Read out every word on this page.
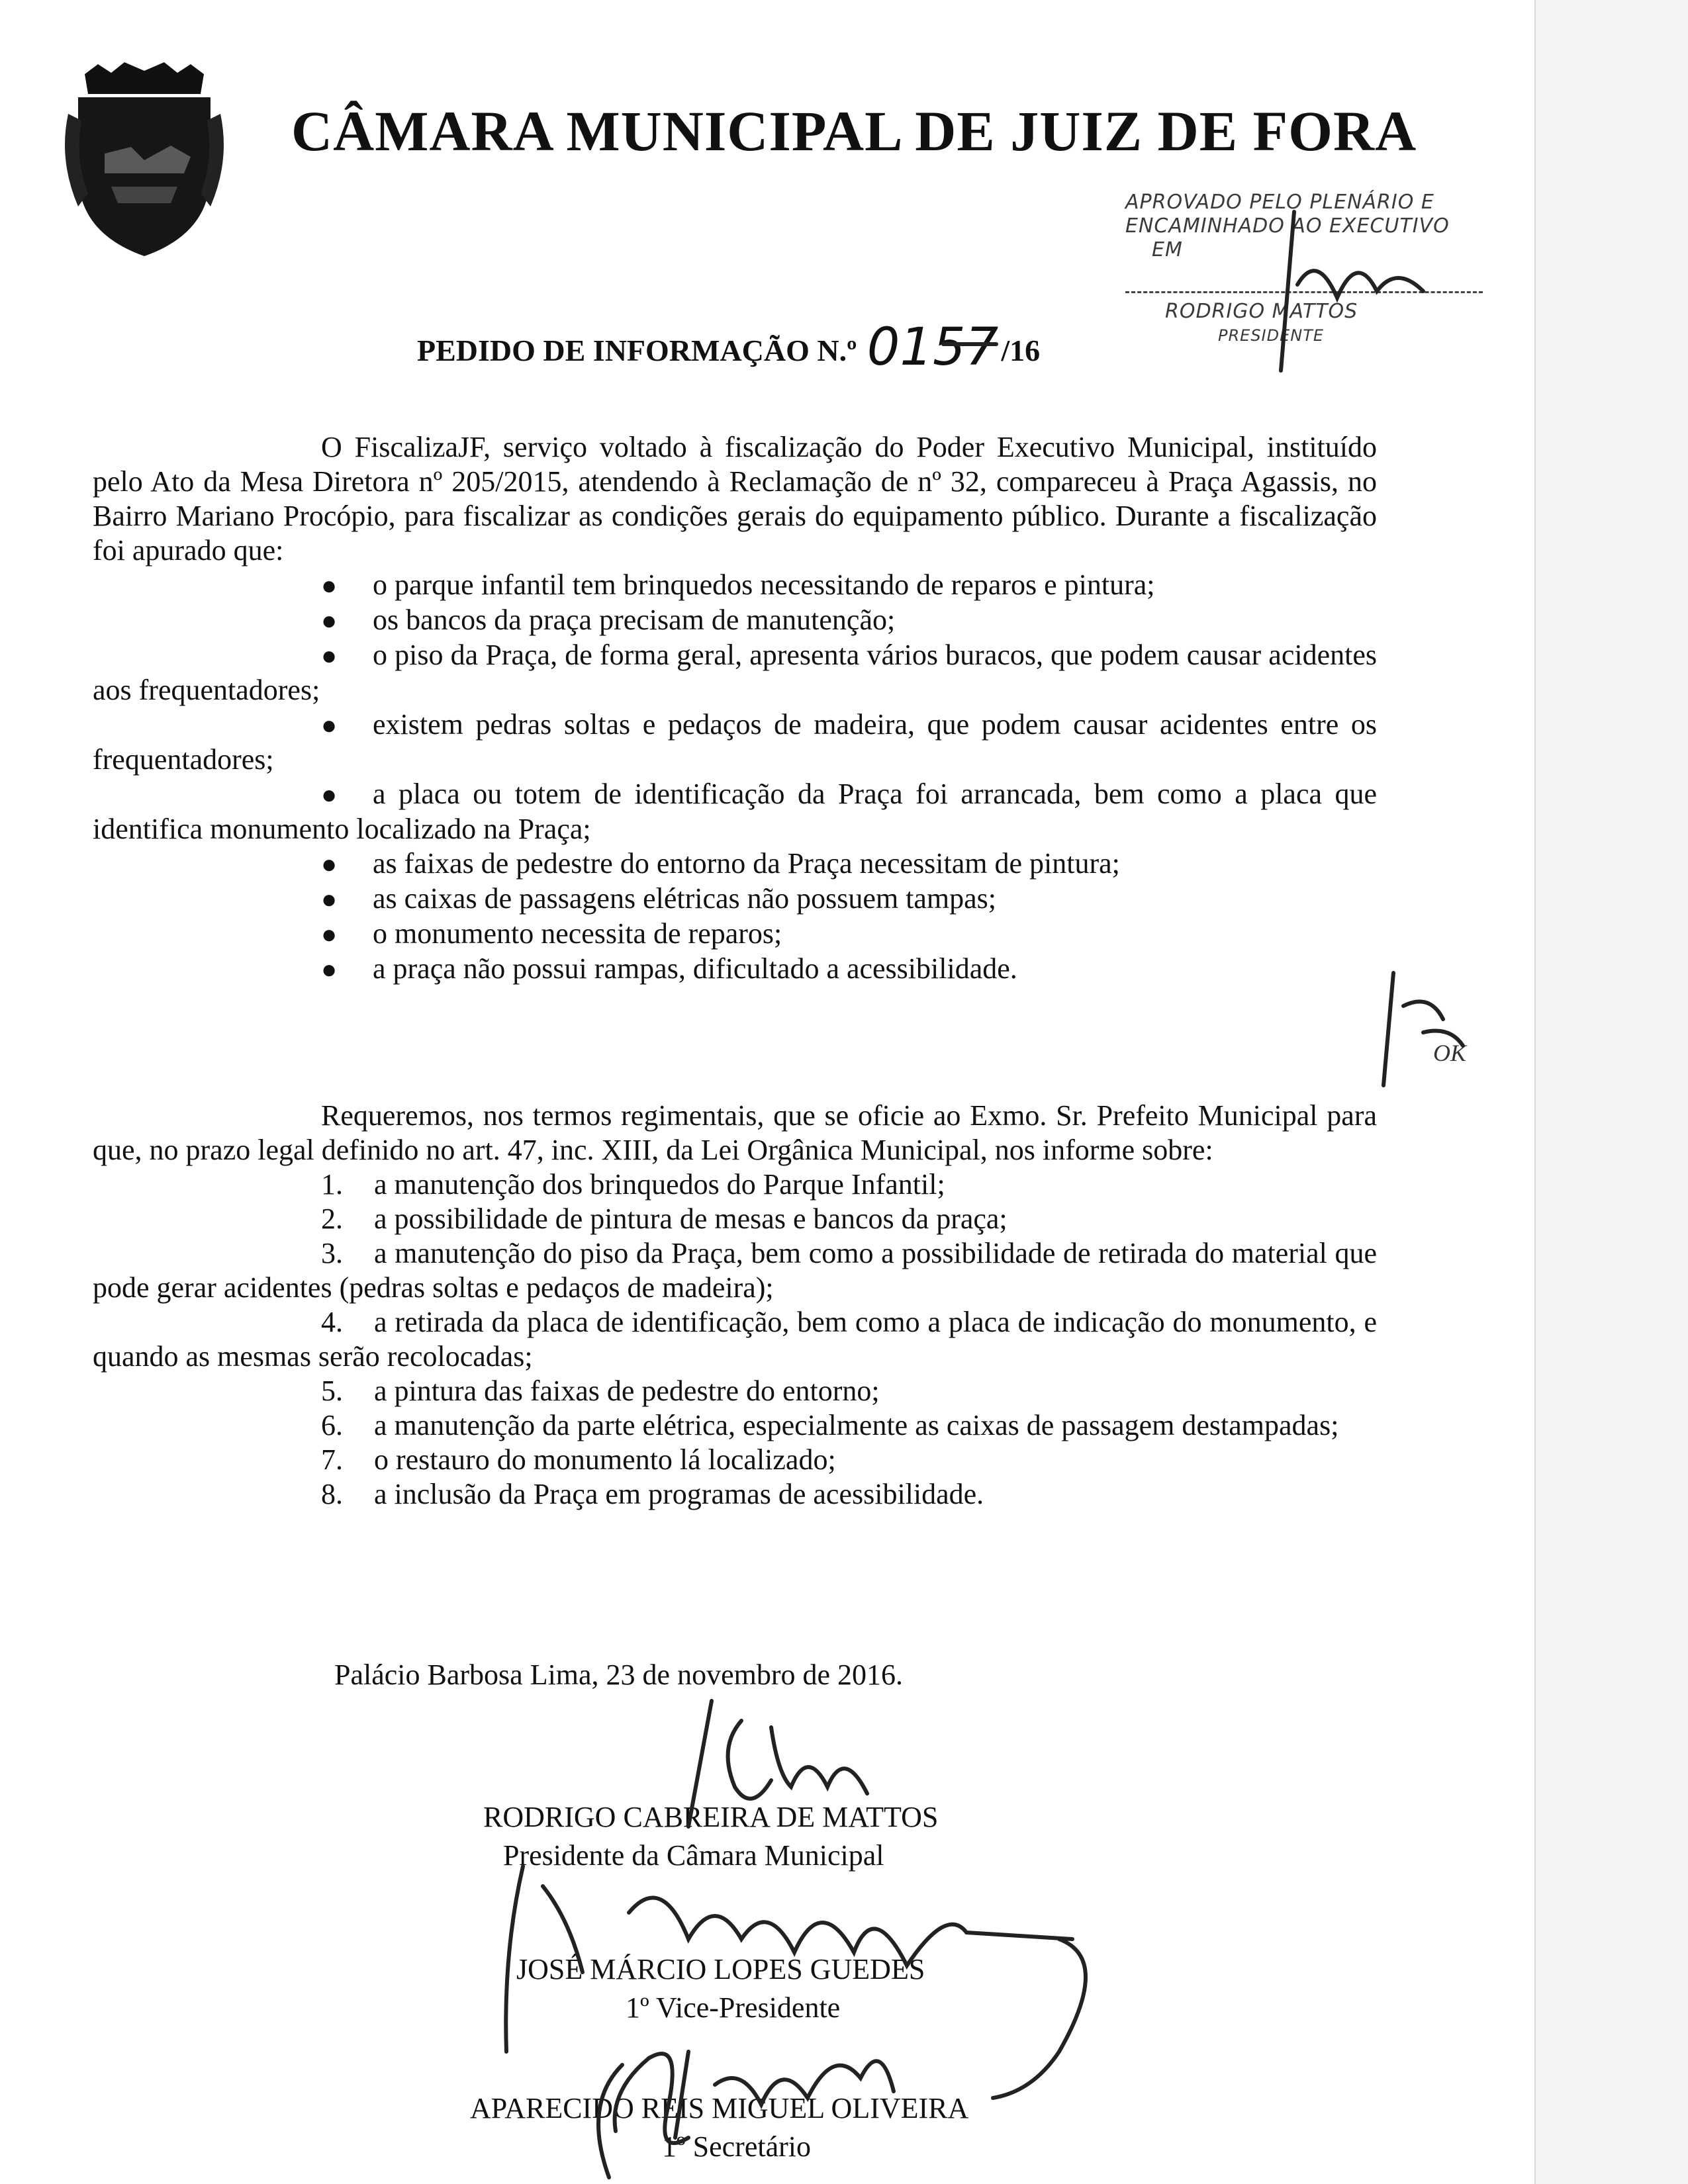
CÂMARA MUNICIPAL DE JUIZ DE FORA
APROVADO PELO PLENÁRIO E
ENCAMINHADO AO EXECUTIVO
EM
RODRIGO MATTOS
PRESIDENTE
PEDIDO DE INFORMAÇÃO N.º 0157/16

O FiscalizaJF, serviço voltado à fiscalização do Poder Executivo Municipal, instituído pelo Ato da Mesa Diretora nº 205/2015, atendendo à Reclamação de nº 32, compareceu à Praça Agassis, no Bairro Mariano Procópio, para fiscalizar as condições gerais do equipamento público. Durante a fiscalização foi apurado que:

● o parque infantil tem brinquedos necessitando de reparos e pintura;

● os bancos da praça precisam de manutenção;

● o piso da Praça, de forma geral, apresenta vários buracos, que podem causar acidentes aos frequentadores;

● existem pedras soltas e pedaços de madeira, que podem causar acidentes entre os frequentadores;

● a placa ou totem de identificação da Praça foi arrancada, bem como a placa que identifica monumento localizado na Praça;

● as faixas de pedestre do entorno da Praça necessitam de pintura;

● as caixas de passagens elétricas não possuem tampas;

● o monumento necessita de reparos;

● a praça não possui rampas, dificultado a acessibilidade.

Requeremos, nos termos regimentais, que se oficie ao Exmo. Sr. Prefeito Municipal para que, no prazo legal definido no art. 47, inc. XIII, da Lei Orgânica Municipal, nos informe sobre:

1. a manutenção dos brinquedos do Parque Infantil;

2. a possibilidade de pintura de mesas e bancos da praça;

3. a manutenção do piso da Praça, bem como a possibilidade de retirada do material que pode gerar acidentes (pedras soltas e pedaços de madeira);

4. a retirada da placa de identificação, bem como a placa de indicação do monumento, e quando as mesmas serão recolocadas;

5. a pintura das faixas de pedestre do entorno;

6. a manutenção da parte elétrica, especialmente as caixas de passagem destampadas;

7. o restauro do monumento lá localizado;

8. a inclusão da Praça em programas de acessibilidade.

Palácio Barbosa Lima, 23 de novembro de 2016.
RODRIGO CABREIRA DE MATTOS
Presidente da Câmara Municipal
JOSÉ MÁRCIO LOPES GUEDES
1º Vice-Presidente
APARECIDO REIS MIGUEL OLIVEIRA
1º Secretário
OK
